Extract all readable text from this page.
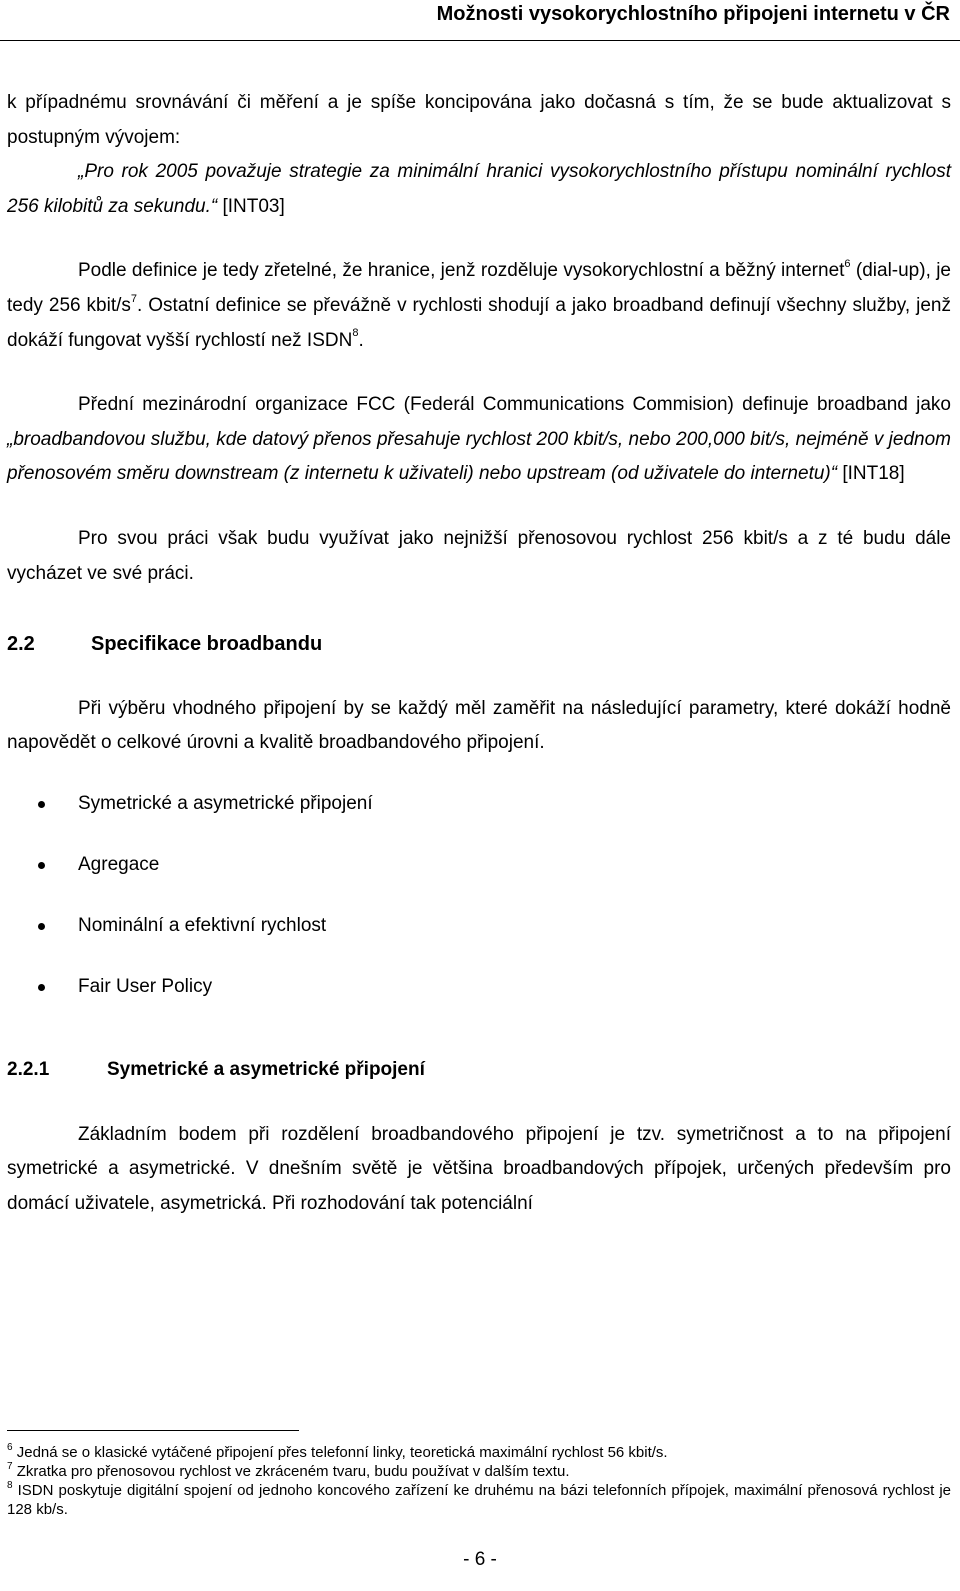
Možnosti vysokorychlostního připojeni internetu v ČR

k případnému srovnávání či měření a je spíše koncipována jako dočasná s tím, že se bude aktualizovat s postupným vývojem:

„Pro rok 2005 považuje strategie za minimální hranici vysokorychlostního přístupu nominální rychlost 256 kilobitů za sekundu.“ [INT03]

Podle definice je tedy zřetelné, že hranice, jenž rozděluje vysokorychlostní a běžný internet$^6$ (dial-up), je tedy 256 kbit/$s^7$. Ostatní definice se převážně v rychlosti shodují a jako broadband definují všechny služby, jenž dokáží fungovat vyšší rychlostí než ISDN$^8$.

Přední mezinárodní organizace FCC (Federál Communications Commision) definuje broadband jako „broadbandovou službu, kde datový přenos přesahuje rychlost 200 kbit/s, nebo 200,000 bit/s, nejméně v jednom přenosovém směru downstream (z internetu k uživateli) nebo upstream (od uživatele do internetu)“ [INT18]

Pro svou práci však budu využívat jako nejnižší přenosovou rychlost 256 kbit/s a z té budu dále vycházet ve své práci.

2.2	Specifikace broadbandu

Při výběru vhodného připojení by se každý měl zaměřit na následující parametry, které dokáží hodně napovědět o celkové úrovni a kvalitě broadbandového připojení.

Symetrické a asymetrické připojení
Agregace
Nominální a efektivní rychlost
Fair User Policy
2.2.1	Symetrické a asymetrické připojení

Základním bodem při rozdělení broadbandového připojení je tzv. symetričnost a to na připojení symetrické a asymetrické. V dnešním světě je většina broadbandových přípojek, určených především pro domácí uživatele, asymetrická. Při rozhodování tak potenciální

$^6$ Jedná se o klasické vytáčené připojení přes telefonní linky, teoretická maximální rychlost 56 kbit/s.

$^7$ Zkratka pro přenosovou rychlost ve zkráceném tvaru, budu používat v dalším textu.

$^8$ ISDN poskytuje digitální spojení od jednoho koncového zařízení ke druhému na bázi telefonních přípojek, maximální přenosová rychlost je 128 kb/s.

- 6 -
